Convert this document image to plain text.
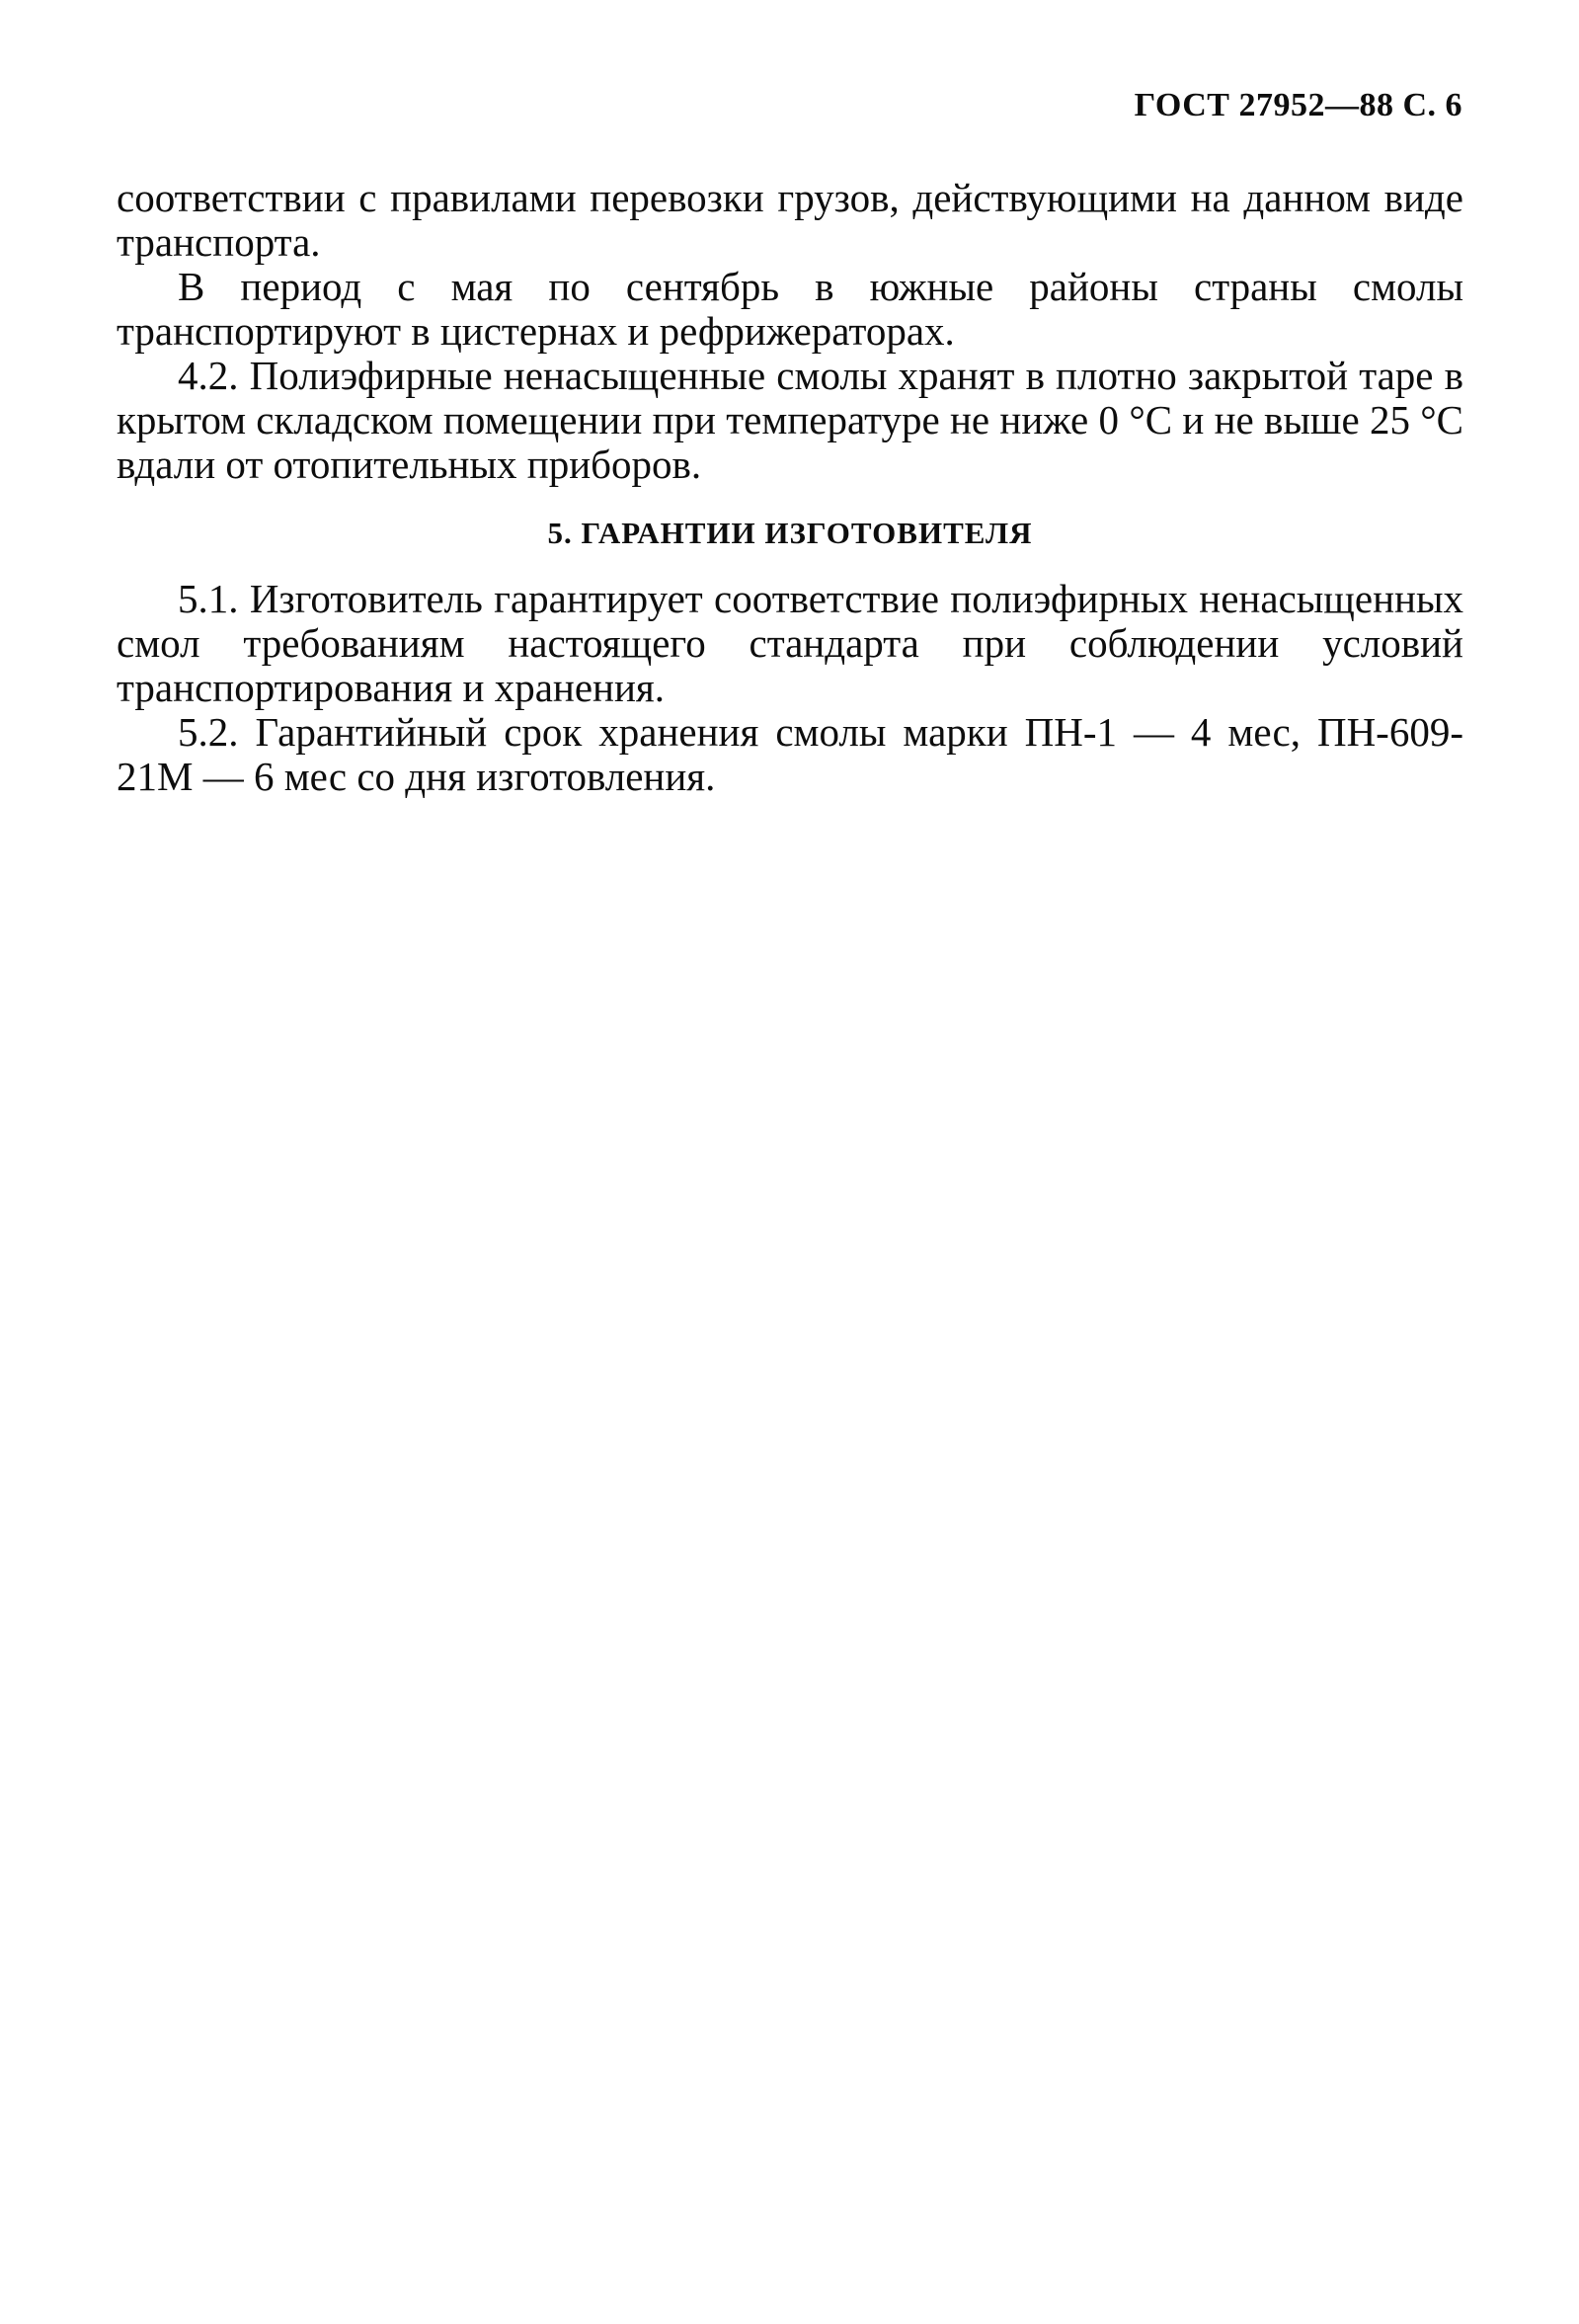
ГОСТ 27952—88 С. 6

соответствии с правилами перевозки грузов, действующими на данном виде транспорта.

В период с мая по сентябрь в южные районы страны смолы транспортируют в цистернах и рефрижераторах.

4.2. Полиэфирные ненасыщенные смолы хранят в плотно закрытой таре в крытом складском помещении при температуре не ниже 0 °С и не выше 25 °С вдали от отопительных приборов.

5. ГАРАНТИИ ИЗГОТОВИТЕЛЯ

5.1. Изготовитель гарантирует соответствие полиэфирных ненасыщенных смол требованиям настоящего стандарта при соблюдении условий транспортирования и хранения.

5.2. Гарантийный срок хранения смолы марки ПН-1 — 4 мес, ПН-609-21М — 6 мес со дня изготовления.
